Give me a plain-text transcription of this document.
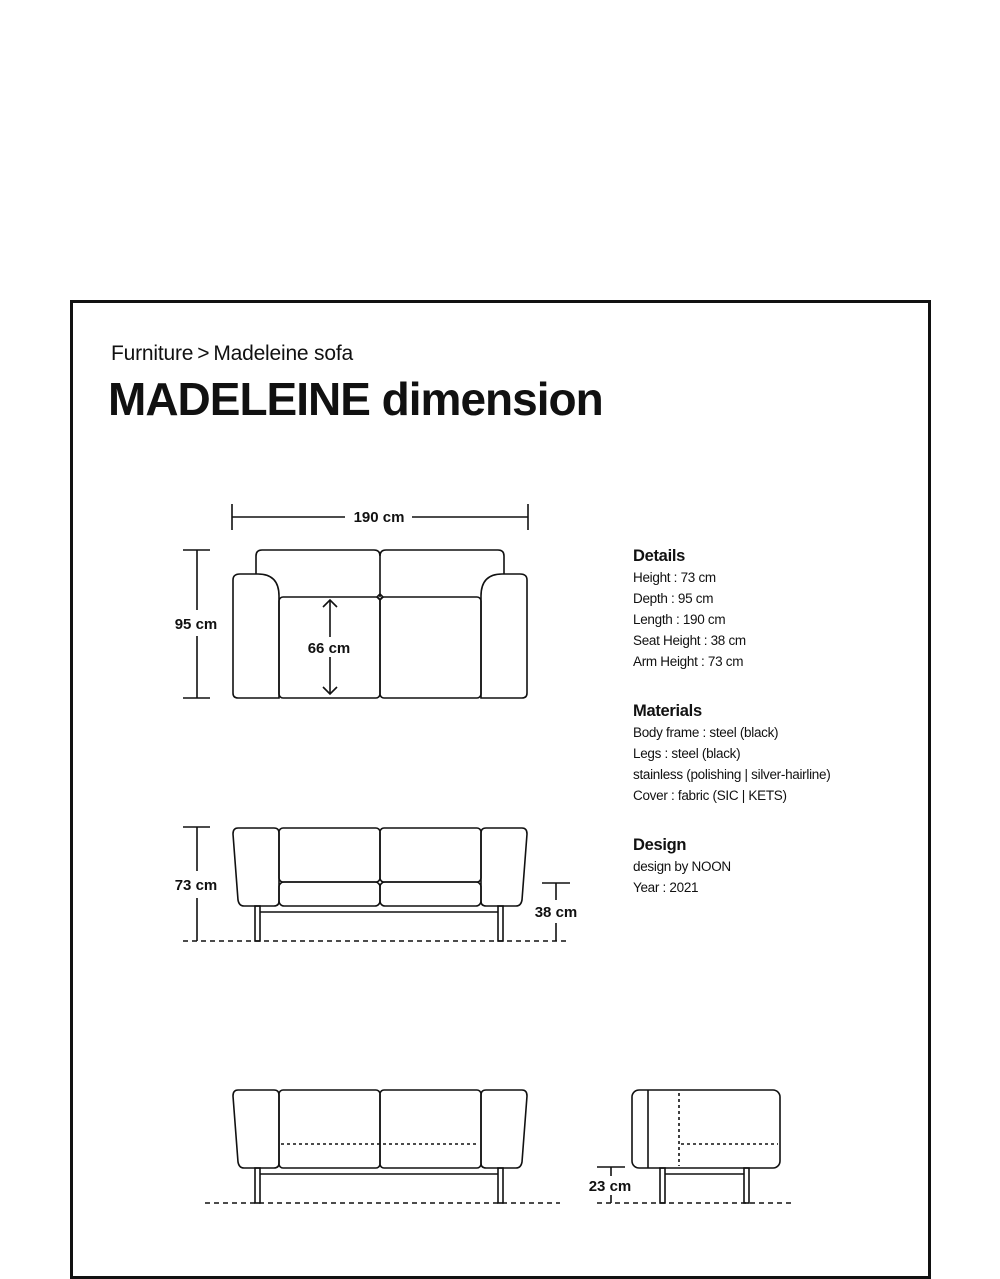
Furniture > Madeleine sofa
MADELEINE dimension
190 cm
95 cm
66 cm
73 cm
38 cm
23 cm
Details
Height : 73 cm
Depth : 95 cm
Length : 190 cm
Seat Height : 38 cm
Arm Height : 73 cm
Materials
Body frame : steel (black)
Legs : steel (black)
stainless (polishing | silver-hairline)
Cover : fabric (SIC | KETS)
Design
design by NOON
Year : 2021
